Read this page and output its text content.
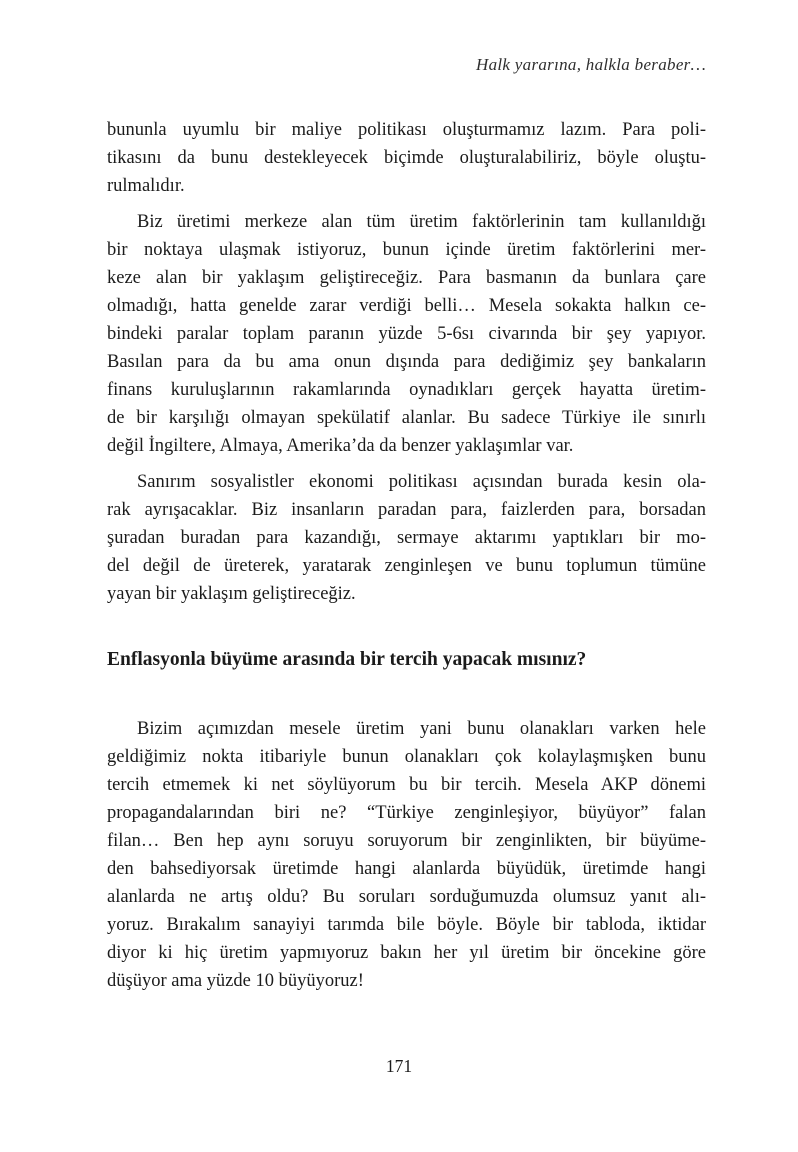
Halk yararına, halkla beraber…
bununla uyumlu bir maliye politikası oluşturmamız lazım. Para poli-
tikasını da bunu destekleyecek biçimde oluşturalabiliriz, böyle oluştu-
rulmalıdır.
Biz üretimi merkeze alan tüm üretim faktörlerinin tam kullanıldığı
bir noktaya ulaşmak istiyoruz, bunun içinde üretim faktörlerini mer-
keze alan bir yaklaşım geliştireceğiz. Para basmanın da bunlara çare
olmadığı, hatta genelde zarar verdiği belli… Mesela sokakta halkın ce-
bindeki paralar toplam paranın yüzde 5-6sı civarında bir şey yapıyor.
Basılan para da bu ama onun dışında para dediğimiz şey bankaların
finans kuruluşlarının rakamlarında oynadıkları gerçek hayatta üretim-
de bir karşılığı olmayan spekülatif alanlar. Bu sadece Türkiye ile sınırlı
değil İngiltere, Almaya, Amerika’da da benzer yaklaşımlar var.
Sanırım sosyalistler ekonomi politikası açısından burada kesin ola-
rak ayrışacaklar. Biz insanların paradan para, faizlerden para, borsadan
şuradan buradan para kazandığı, sermaye aktarımı yaptıkları bir mo-
del değil de üreterek, yaratarak zenginleşen ve bunu toplumun tümüne
yayan bir yaklaşım geliştireceğiz.
Enflasyonla büyüme arasında bir tercih yapacak mısınız?
Bizim açımızdan mesele üretim yani bunu olanakları varken hele
geldiğimiz nokta itibariyle bunun olanakları çok kolaylaşmışken bunu
tercih etmemek ki net söylüyorum bu bir tercih. Mesela AKP dönemi
propagandalarından biri ne? “Türkiye zenginleşiyor, büyüyor” falan
filan… Ben hep aynı soruyu soruyorum bir zenginlikten, bir büyüme-
den bahsediyorsak üretimde hangi alanlarda büyüdük, üretimde hangi
alanlarda ne artış oldu? Bu soruları sorduğumuzda olumsuz yanıt alı-
yoruz. Bırakalım sanayiyi tarımda bile böyle. Böyle bir tabloda, iktidar
diyor ki hiç üretim yapmıyoruz bakın her yıl üretim bir öncekine göre
düşüyor ama yüzde 10 büyüyoruz!
171
